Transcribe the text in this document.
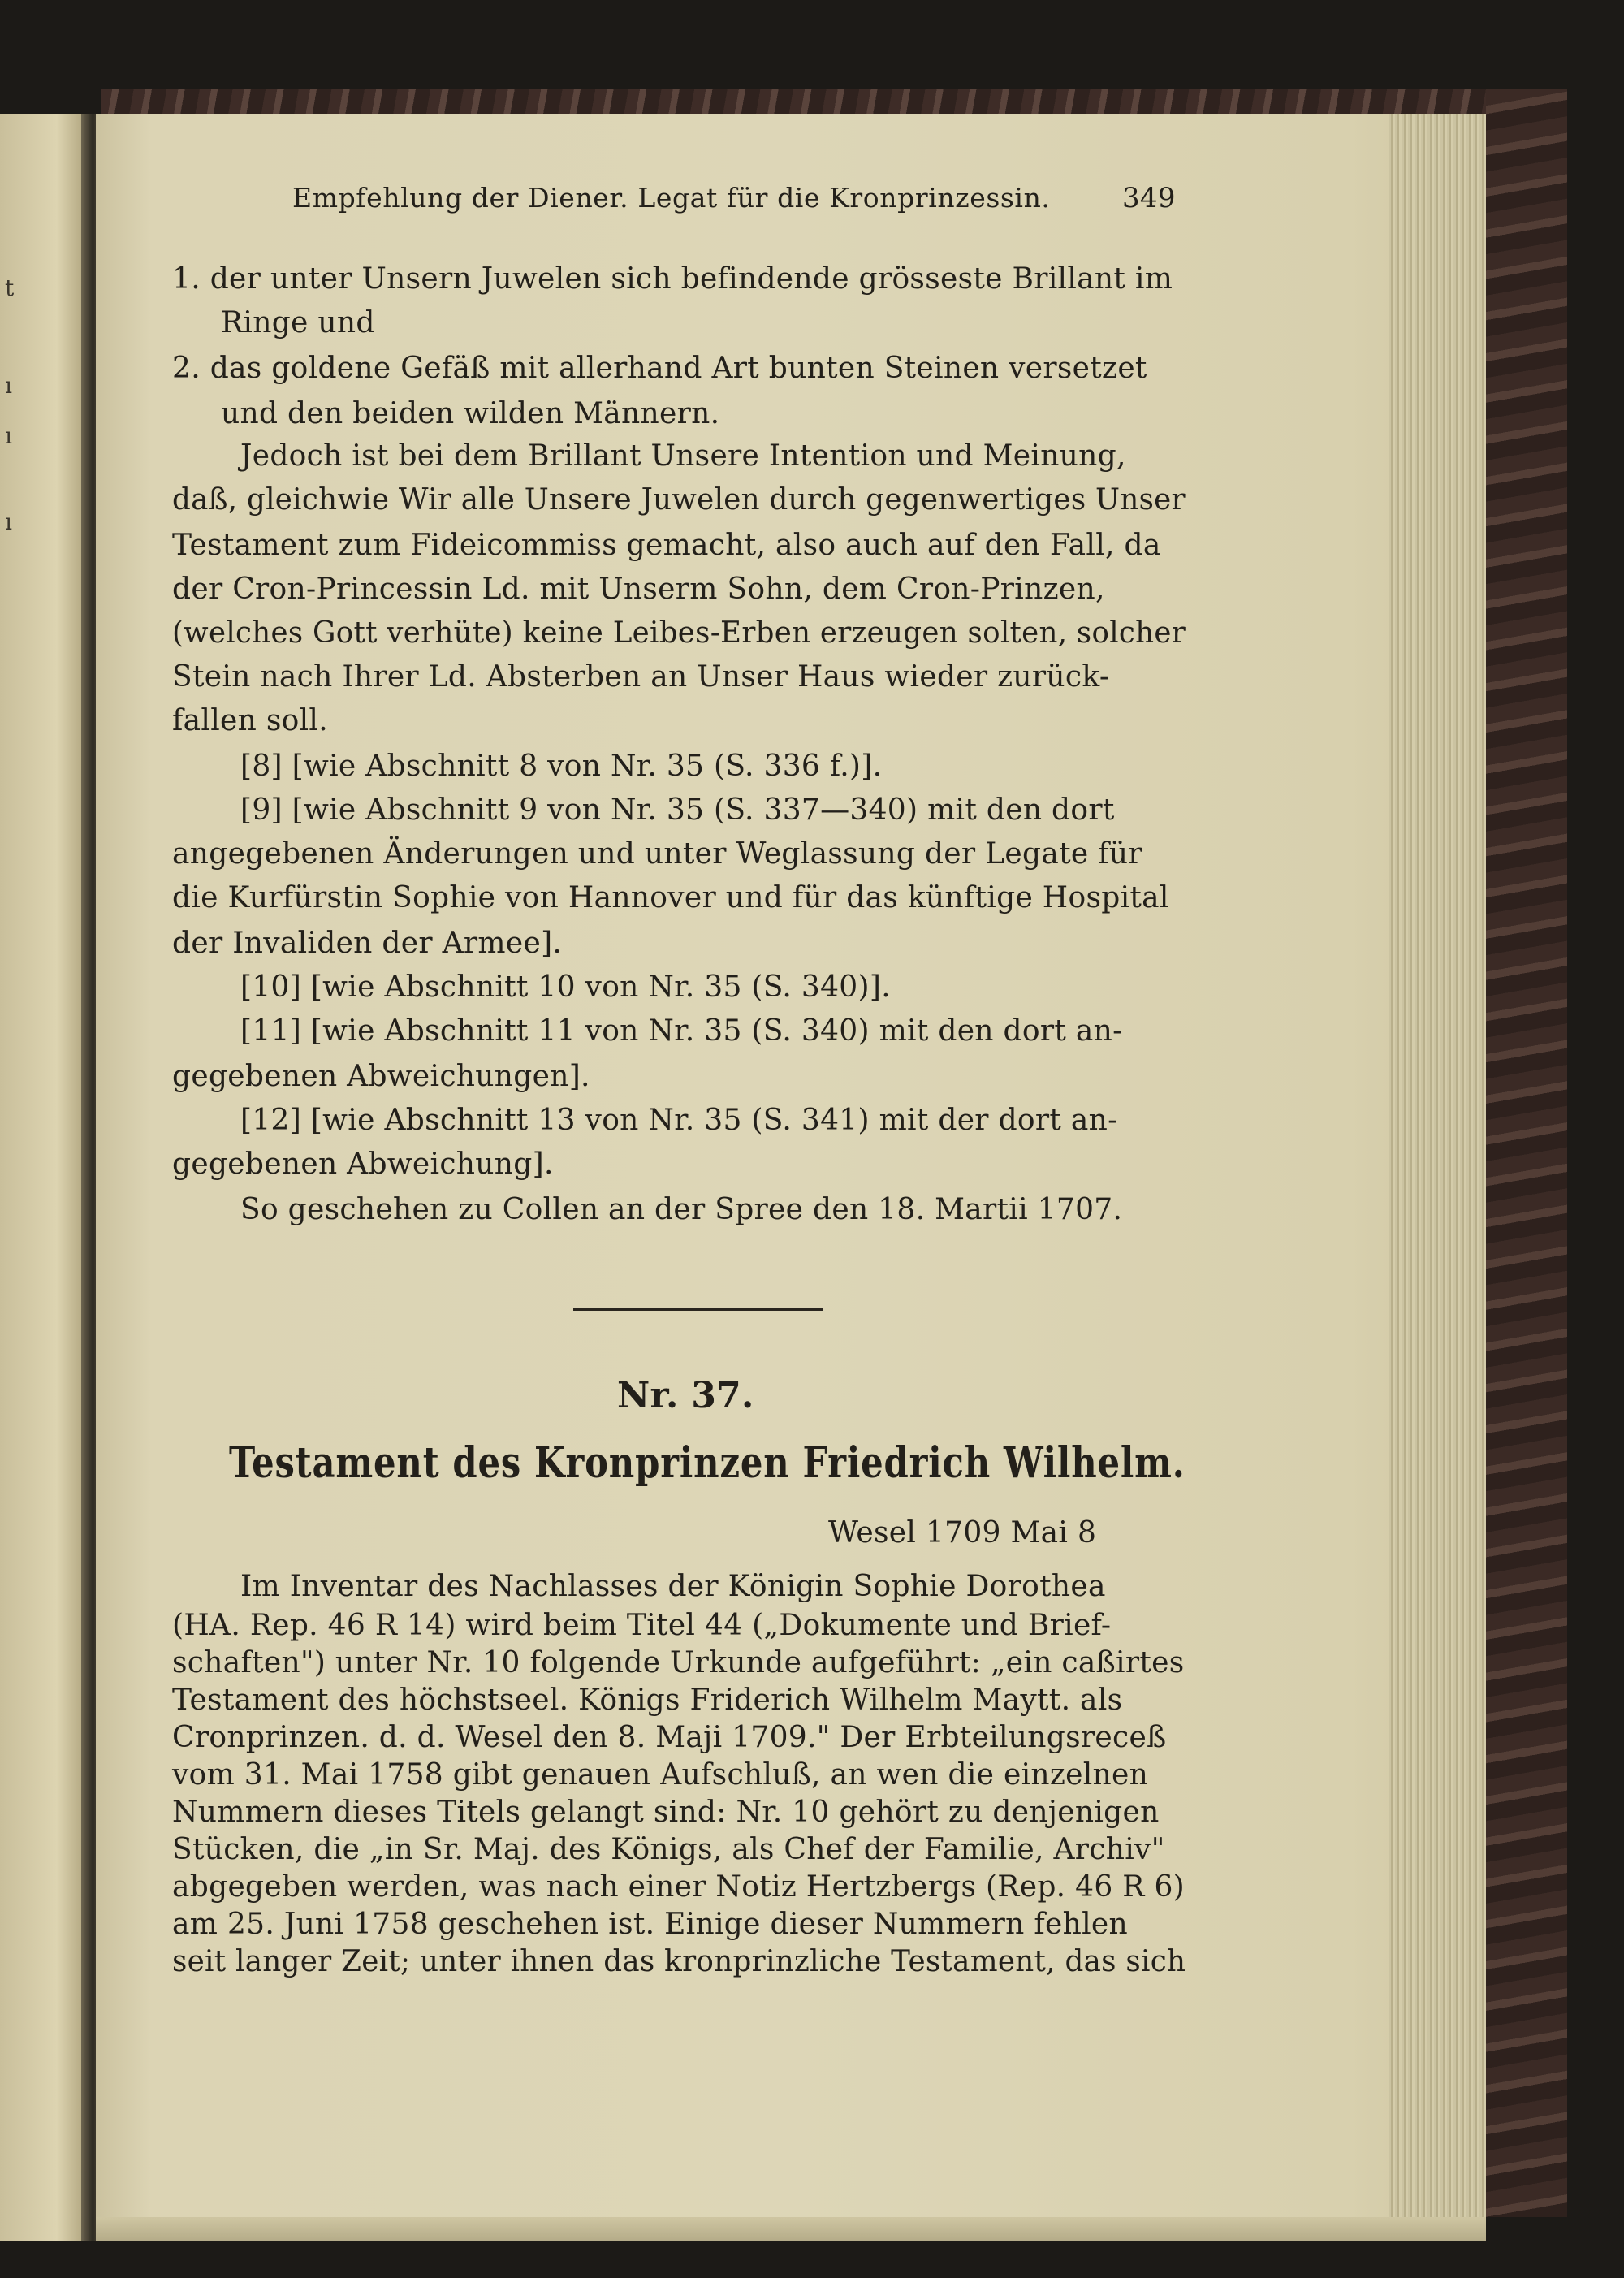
t
ı
ı
ı
Empfehlung der Diener. Legat für die Kronprinzessin.	349
1. der unter Unsern Juwelen sich befindende grösseste Brillant im
Ringe und
2. das goldene Gefäß mit allerhand Art bunten Steinen versetzet
und den beiden wilden Männern.
Jedoch ist bei dem Brillant Unsere Intention und Meinung,
daß, gleichwie Wir alle Unsere Juwelen durch gegenwertiges Unser
Testament zum Fideicommiss gemacht, also auch auf den Fall, da
der Cron-Princessin Ld. mit Unserm Sohn, dem Cron-Prinzen,
(welches Gott verhüte) keine Leibes-Erben erzeugen solten, solcher
Stein nach Ihrer Ld. Absterben an Unser Haus wieder zurück-
fallen soll.
[8] [wie Abschnitt 8 von Nr. 35 (S. 336 f.)].
[9] [wie Abschnitt 9 von Nr. 35 (S. 337—340) mit den dort
angegebenen Änderungen und unter Weglassung der Legate für
die Kurfürstin Sophie von Hannover und für das künftige Hospital
der Invaliden der Armee].
[10] [wie Abschnitt 10 von Nr. 35 (S. 340)].
[11] [wie Abschnitt 11 von Nr. 35 (S. 340) mit den dort an-
gegebenen Abweichungen].
[12] [wie Abschnitt 13 von Nr. 35 (S. 341) mit der dort an-
gegebenen Abweichung].
So geschehen zu Collen an der Spree den 18. Martii 1707.
Nr. 37.
Testament des Kronprinzen Friedrich Wilhelm.
Wesel 1709 Mai 8
Im Inventar des Nachlasses der Königin Sophie Dorothea
(HA. Rep. 46 R 14) wird beim Titel 44 („Dokumente und Brief-
schaften") unter Nr. 10 folgende Urkunde aufgeführt: „ein caßirtes
Testament des höchstseel. Königs Friderich Wilhelm Maytt. als
Cronprinzen. d. d. Wesel den 8. Maji 1709." Der Erbteilungsreceß
vom 31. Mai 1758 gibt genauen Aufschluß, an wen die einzelnen
Nummern dieses Titels gelangt sind: Nr. 10 gehört zu denjenigen
Stücken, die „in Sr. Maj. des Königs, als Chef der Familie, Archiv"
abgegeben werden, was nach einer Notiz Hertzbergs (Rep. 46 R 6)
am 25. Juni 1758 geschehen ist. Einige dieser Nummern fehlen
seit langer Zeit; unter ihnen das kronprinzliche Testament, das sich
